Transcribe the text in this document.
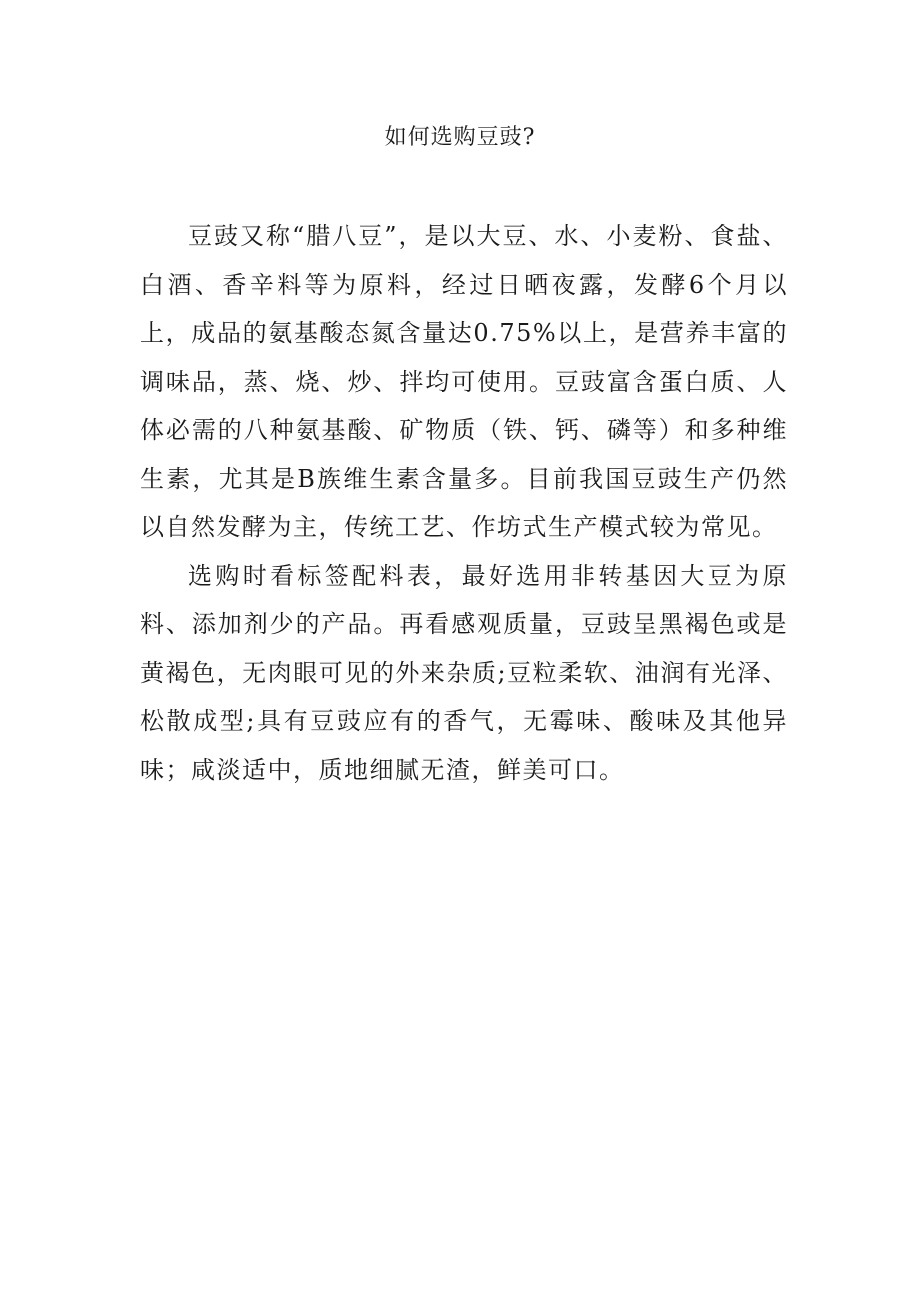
如何选购豆豉?

豆豉又称“腊八豆”，是以大豆、水、小麦粉、食盐、白酒、香辛料等为原料，经过日晒夜露，发酵6个月以上，成品的氨基酸态氮含量达0.75%以上，是营养丰富的调味品，蒸、烧、炒、拌均可使用。豆豉富含蛋白质、人体必需的八种氨基酸、矿物质（铁、钙、磷等）和多种维生素，尤其是B族维生素含量多。目前我国豆豉生产仍然以自然发酵为主，传统工艺、作坊式生产模式较为常见。

选购时看标签配料表，最好选用非转基因大豆为原料、添加剂少的产品。再看感观质量，豆豉呈黑褐色或是黄褐色，无肉眼可见的外来杂质;豆粒柔软、油润有光泽、松散成型;具有豆豉应有的香气，无霉味、酸味及其他异味；咸淡适中，质地细腻无渣，鲜美可口。
